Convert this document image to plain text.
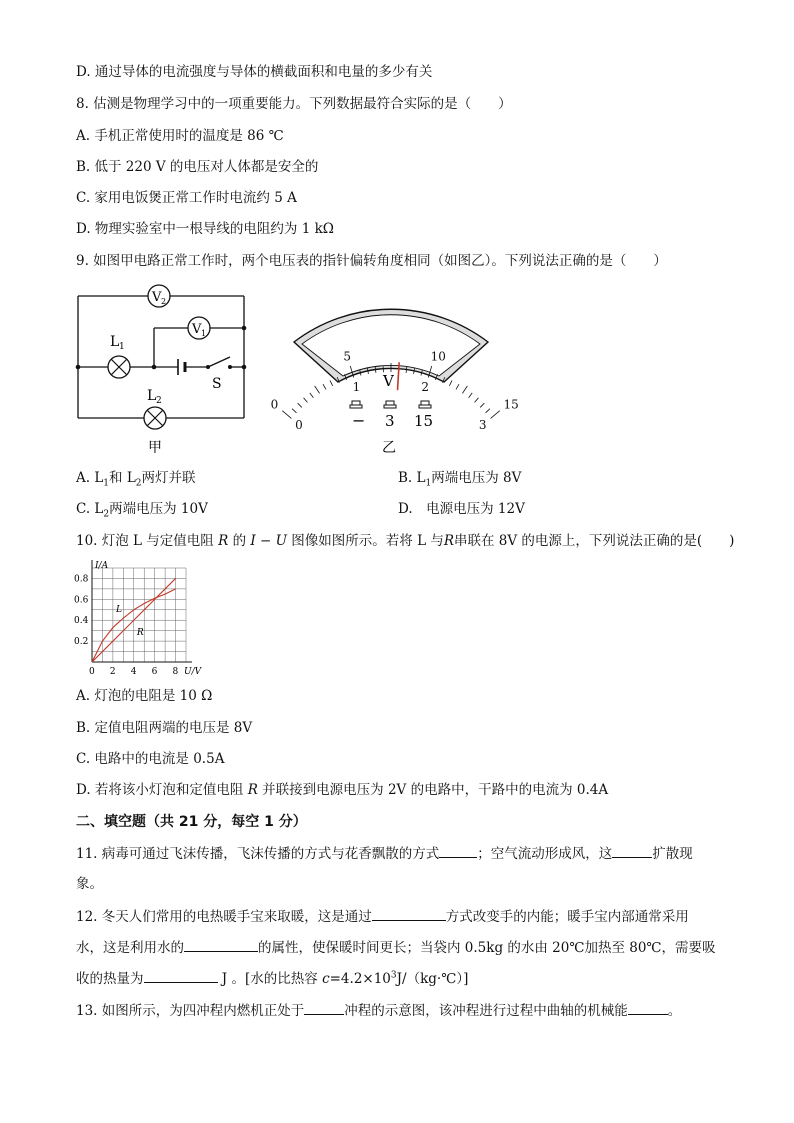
D. 通过导体的电流强度与导体的横截面积和电量的多少有关
8. 估测是物理学习中的一项重要能力。下列数据最符合实际的是（　　）
A. 手机正常使用时的温度是 86 ℃
B. 低于 220 V 的电压对人体都是安全的
C. 家用电饭煲正常工作时电流约 5 A
D. 物理实验室中一根导线的电阻约为 1 kΩ
9. 如图甲电路正常工作时，两个电压表的指针偏转角度相同（如图乙）。下列说法正确的是（　　）
V 2
V 1
L 1
L 2
S
甲
0
5	10
15
0
1	2
3
V
− 3 15
乙
A. $L_1$和 $L_2$两灯并联	B. $L_1$两端电压为 8V
C. $L_2$两端电压为 10V	D.　电源电压为 12V
10. 灯泡 L 与定值电阻 R 的 I − U 图像如图所示。若将 L 与R串联在 8V 的电源上，下列说法正确的是(　　)
I/A
U/V
0 2 4 6 8
0.2
0.4
0.6
0.8
L
R
A. 灯泡的电阻是 10 Ω
B. 定值电阻两端的电压是 8V
C. 电路中的电流是 0.5A
D. 若将该小灯泡和定值电阻 R 并联接到电源电压为 2V 的电路中，干路中的电流为 0.4A
二、填空题（共 21 分，每空 1 分）
11. 病毒可通过飞沫传播，飞沫传播的方式与花香飘散的方式	；空气流动形成风，这	扩散现
象。
12. 冬天人们常用的电热暖手宝来取暖，这是通过	方式改变手的内能；暖手宝内部通常采用
水，这是利用水的	的属性，使保暖时间更长；当袋内 0.5kg 的水由 20℃加热至 80℃，需要吸
收的热量为	J 。[水的比热容 $c=4.2\times 10^3J/(kg\cdot℃)$]
13. 如图所示，为四冲程内燃机正处于	冲程的示意图，该冲程进行过程中曲轴的机械能	。
